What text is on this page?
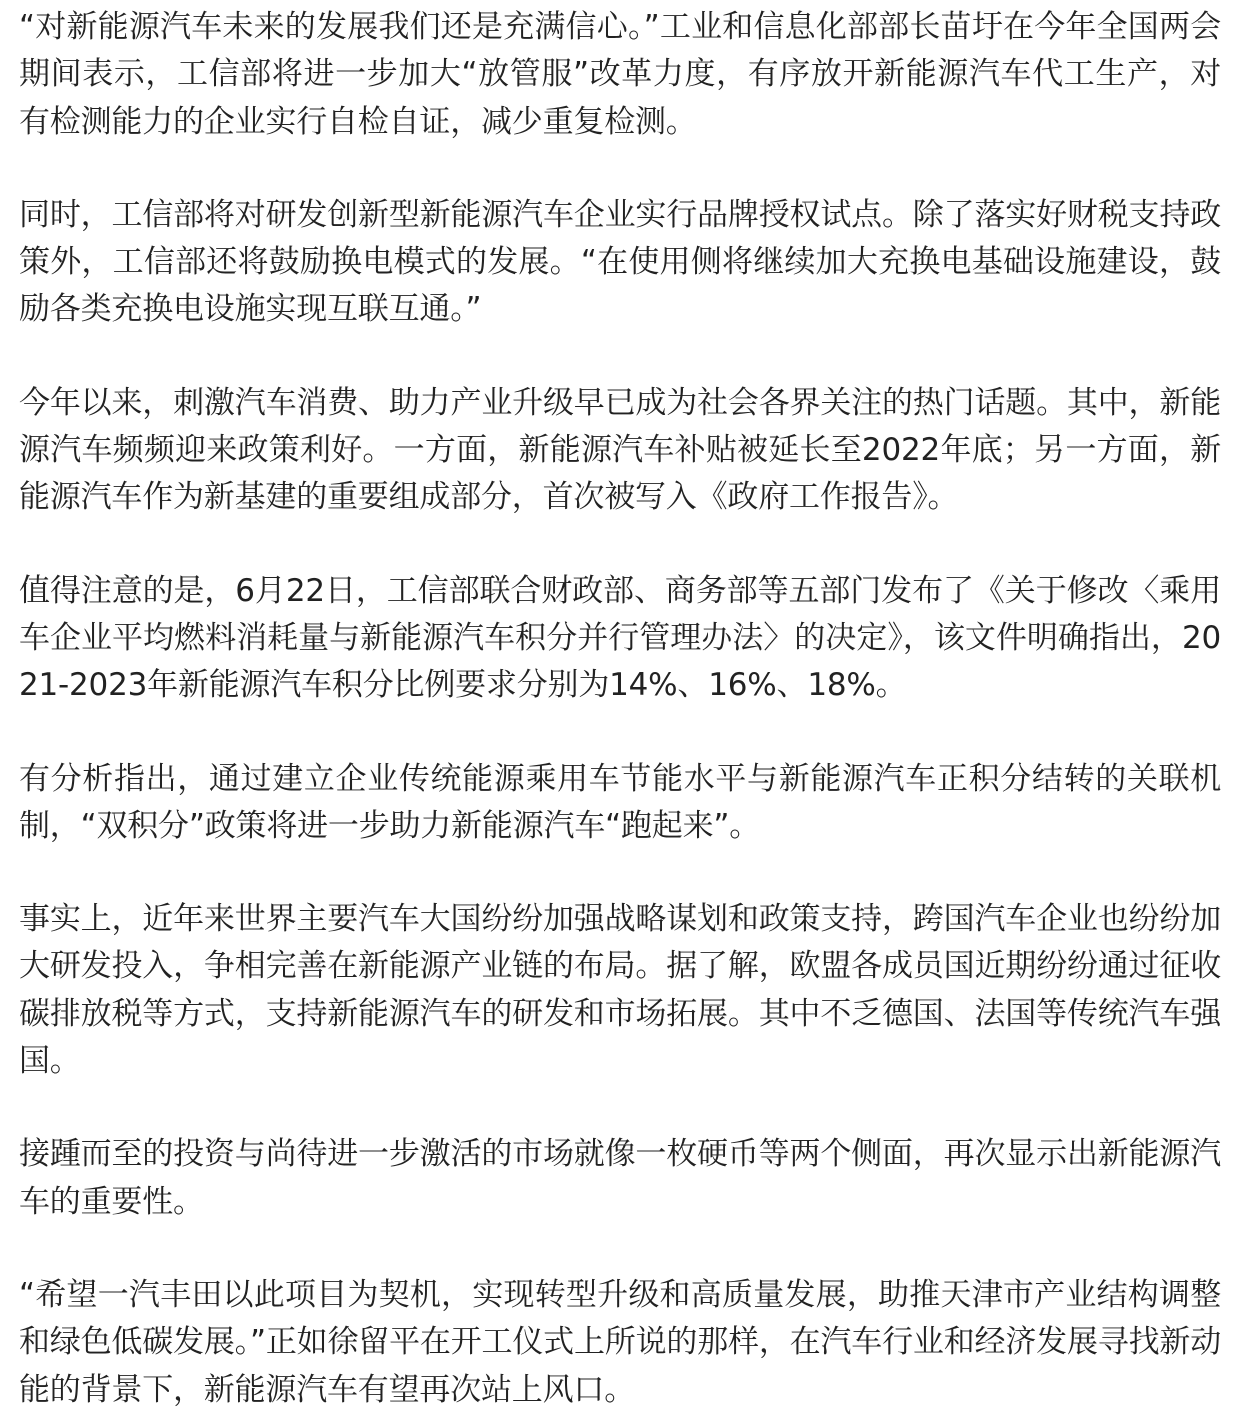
“对新能源汽车未来的发展我们还是充满信心。”工业和信息化部部长苗圩在今年全国两会期间表示，工信部将进一步加大“放管服”改革力度，有序放开新能源汽车代工生产，对有检测能力的企业实行自检自证，减少重复检测。

同时，工信部将对研发创新型新能源汽车企业实行品牌授权试点。除了落实好财税支持政策外，工信部还将鼓励换电模式的发展。“在使用侧将继续加大充换电基础设施建设，鼓励各类充换电设施实现互联互通。”

今年以来，刺激汽车消费、助力产业升级早已成为社会各界关注的热门话题。其中，新能源汽车频频迎来政策利好。一方面，新能源汽车补贴被延长至2022年底；另一方面，新能源汽车作为新基建的重要组成部分，首次被写入《政府工作报告》。

值得注意的是，6月22日，工信部联合财政部、商务部等五部门发布了《关于修改〈乘用车企业平均燃料消耗量与新能源汽车积分并行管理办法〉的决定》，该文件明确指出，2021-2023年新能源汽车积分比例要求分别为14%、16%、18%。

有分析指出，通过建立企业传统能源乘用车节能水平与新能源汽车正积分结转的关联机制，“双积分”政策将进一步助力新能源汽车“跑起来”。

事实上，近年来世界主要汽车大国纷纷加强战略谋划和政策支持，跨国汽车企业也纷纷加大研发投入，争相完善在新能源产业链的布局。据了解，欧盟各成员国近期纷纷通过征收碳排放税等方式，支持新能源汽车的研发和市场拓展。其中不乏德国、法国等传统汽车强国。

接踵而至的投资与尚待进一步激活的市场就像一枚硬币等两个侧面，再次显示出新能源汽车的重要性。

“希望一汽丰田以此项目为契机，实现转型升级和高质量发展，助推天津市产业结构调整和绿色低碳发展。”正如徐留平在开工仪式上所说的那样，在汽车行业和经济发展寻找新动能的背景下，新能源汽车有望再次站上风口。
